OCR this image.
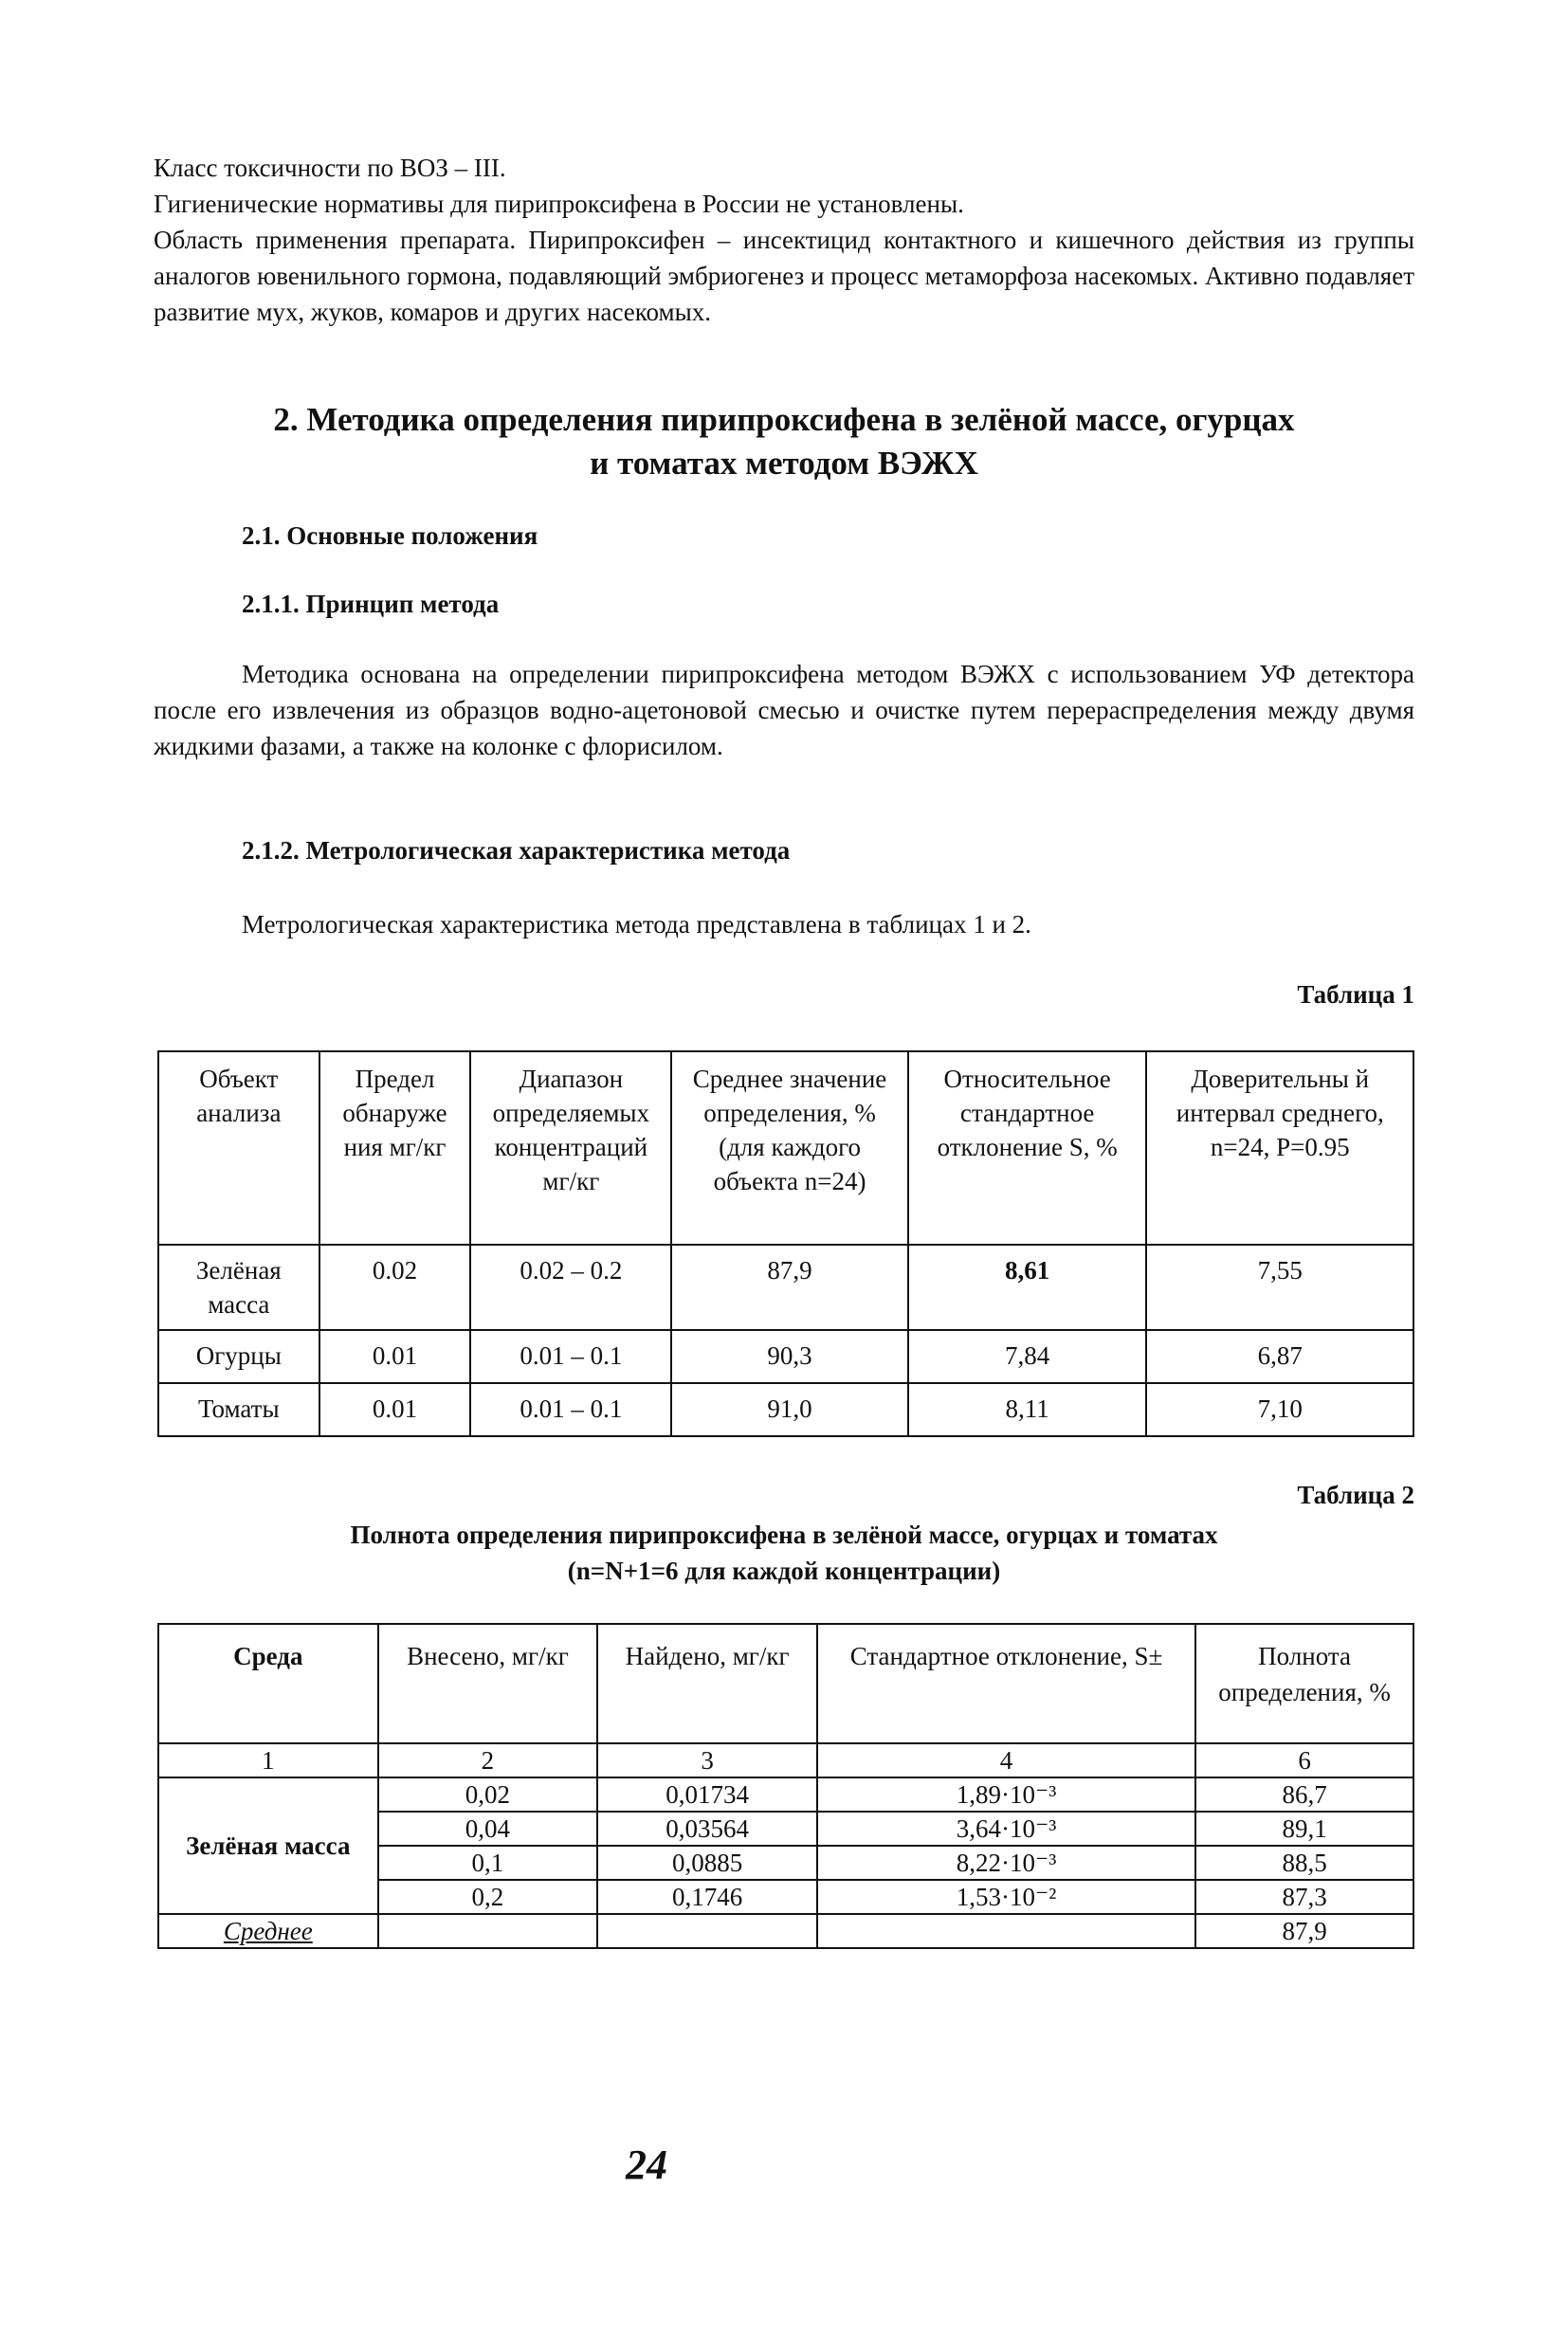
Класс токсичности по ВОЗ – III.

Гигиенические нормативы для пирипроксифена в России не установлены.

Область применения препарата. Пирипроксифен – инсектицид контактного и кишечного действия из группы аналогов ювенильного гормона, подавляющий эмбриогенез и процесс метаморфоза насекомых. Активно подавляет развитие мух, жуков, комаров и других насекомых.

2. Методика определения пирипроксифена в зелёной массе, огурцах

и томатах методом ВЭЖХ

2.1. Основные положения

2.1.1. Принцип метода

Методика основана на определении пирипроксифена методом ВЭЖХ с использованием УФ детектора после его извлечения из образцов водно-ацетоновой смесью и очистке путем перераспределения между двумя жидкими фазами, а также на колонке с флорисилом.

2.1.2. Метрологическая характеристика метода

Метрологическая характеристика метода представлена в таблицах 1 и 2.

Таблица 1

Объект анализа	Предел обнаруже ния мг/кг	Диапазон определяемых концентраций мг/кг	Среднее значение определения, % (для каждого объекта n=24)	Относительное стандартное отклонение S, %	Доверительны й интервал среднего, n=24, P=0.95
Зелёная масса	0.02	0.02 – 0.2	87,9	8,61	7,55
Огурцы	0.01	0.01 – 0.1	90,3	7,84	6,87
Томаты	0.01	0.01 – 0.1	91,0	8,11	7,10

Таблица 2

Полнота определения пирипроксифена в зелёной массе, огурцах и томатах

(n=N+1=6 для каждой концентрации)

Среда	Внесено, мг/кг	Найдено, мг/кг	Стандартное отклонение, S±	Полнота определения, %
1	2	3	4	6
Зелёная масса	0,02	0,01734	1,89·10⁻³	86,7
	0,04	0,03564	3,64·10⁻³	89,1
	0,1	0,0885	8,22·10⁻³	88,5
	0,2	0,1746	1,53·10⁻²	87,3
Среднее				87,9
24
